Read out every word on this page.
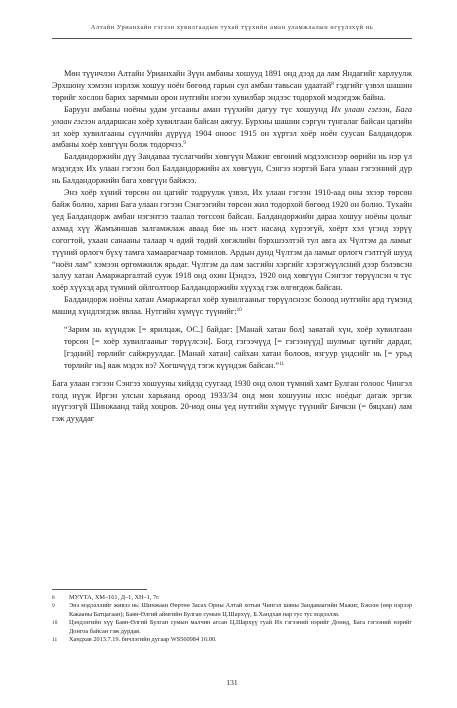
Алтайн Урианхайн гэгээн хувилгаадын тухай түүхийн аман уламжлалын өгүүлэхүй нь

Мөн түүнчлэн Алтайн Урианхайн Зүүн амбаны хошууд 1891 онд дээд да лам Яндагийг харлуулж Эрхшону хэмээн нэрлэж хошуу ноён бөгөөд гарын сул амбан тавьсан удаатай$^8$ гэдгийг үзвэл шашин төрийг хослон барих зарчмын орон нутгийн нэгэн хувилбар эндээс тодорхой мэдэгдэж байна.

Баруун амбаны ноёны удам угсааны аман түүхийн дагуу түс хошуунд Их улаан гэгээн, Бага улаан гэгээн алдаршсан хоёр хувилгаан байсан ажгуу. Бурхны шашин сэргүн түнгалаг байсан цагийн эл хоёр хувилгааны сүүлчийн дүрүүд 1904 оноос 1915 он хүртэл хоёр ноён суусан Балдандорж амбаны хоёр хөвгүүн болж тодорчээ.$^9$

Балдандоржийн дүү Зандаваа туслагчийн хөвгүүн Мажиг евгөний мэдээлснээр өөрийн нь нэр үл мэдэгдэх Их улаан гэгээн бол Балдандоржийн ах хөвгүүн, Сэнгээ нэртэй Бага улаан гэгээнний дүр нь Балдандоржийн бага хөвгүүн байжээ.

Энэ хоёр хүний төрсөн он цагийг тодруулж үзвэл, Их улаан гэгээн 1910-аад оны эхээр төрсөн байж болно, харин Бага улаан гэгээн Сэнгээгийн төрсөн жил тодорхой бөгөөд 1920 он болно. Тухайн үед Балдандорж амбан нэгэнтээ таалал төгссөн байсан. Балдандоржийн дараа хошуу ноёны цолыг ахмад хүү Жамъяншав залгамжлаж аваад бие нь нэгт насанд хүрээгүй, хоёрт хэл үгэнд зэрүү согогтой, ухаан санааны талаар ч өдий төдий хөгжлийн бэрхшээлтэй тул авга ах Чүлтэм да ламыг түүний орлогч бүхү тамга хамаарагчаар томилов. Ардын дунд Чүлтэм да ламыг орлогч гэлтгүй шууд “ноён лам” хэмээн өргөмжилж ярьдаг. Чүлтэм да лам засгийн хэргийг хэрэгжүүлсний дээр бэлэвсэн залуу хатан Амаржаргалтай сууж 1918 онд охин Цэндээ, 1920 онд хөвгүүн Сэнгээг төрүүлсэн ч түс хоёр хүүхэд ард түмний ойлголтоор Балдандоржийн хүүхэд гэж өлгөгдөж байсан.

Балдандорж ноёны хатан Амаржаргал хоёр хувилгааныг төрүүлснээс болоод нутгийн ард түмэнд машид хүндлэгдэж явлаа. Нутгийн хүмүүс түүнийг:$^{10}$

“Зарим нь күүндэж [= ярилцаж, ОС.] байдаг: [Манай хатан бол] заяатай хүн, хоёр хувилгаан төрсөн [= хоёр хувилгааныг төрүүлсэн]. Богд гэгээчүүд [= гэгээнүүд] шулмыг цугийг дардаг, [гэдний] төрлийг сайжруулдаг. [Манай хатан] сайхан хатан болоов, язгуур үндсийг нь [= урьд төрлийг нь] яаж мэдэх вэ? Хөгшчүүд тэгж күүндэж байсан.”$^{11}$

Бага улаан гэгээн Сэнгээ хошууны хийдэд суугаад 1930 онд олон түмний хамт Булган голоос Чингэл голд нүүж Иргэн улсын харьяанд ороод 1933/34 онд мөн хошууны ихэс ноёдыг дагаж эргэж нүүгээгүй Шинжаанд тайд хоцров. 20-иод оны үед нутгийн хүмүүс түүнийг Бичкэн (= бяцхан) лам гэж дууддаг

8 МУҮТА, ХМ–161, Д–1, ХН–1, 7г.
9 Энэ мэдээллийг живээ нь: Шинжаан Өөртөө Засах Орны Алтай хотын Чингэл шяны Зандаваагийн Мажиг, Бэкээн (өөр нэрээр Какааны Батцагаан); Баян-Өлгий аймгийн Булган сумын Ц.Шархүү, Б.Хандхав нар тус тус мэдээлэв.
10 Цэндээгийн хүү Баян-Өлгий Булган сумын малчин агсан Ц.Шархүү гуай Их гэгээний нэрийг Донид, Бага гэгээний нэрийг Донгоа байсан гэж дурдав.
11 Хандхав 2013.7.19. бичлэгийн дугаар WS560984 16:00.
131
